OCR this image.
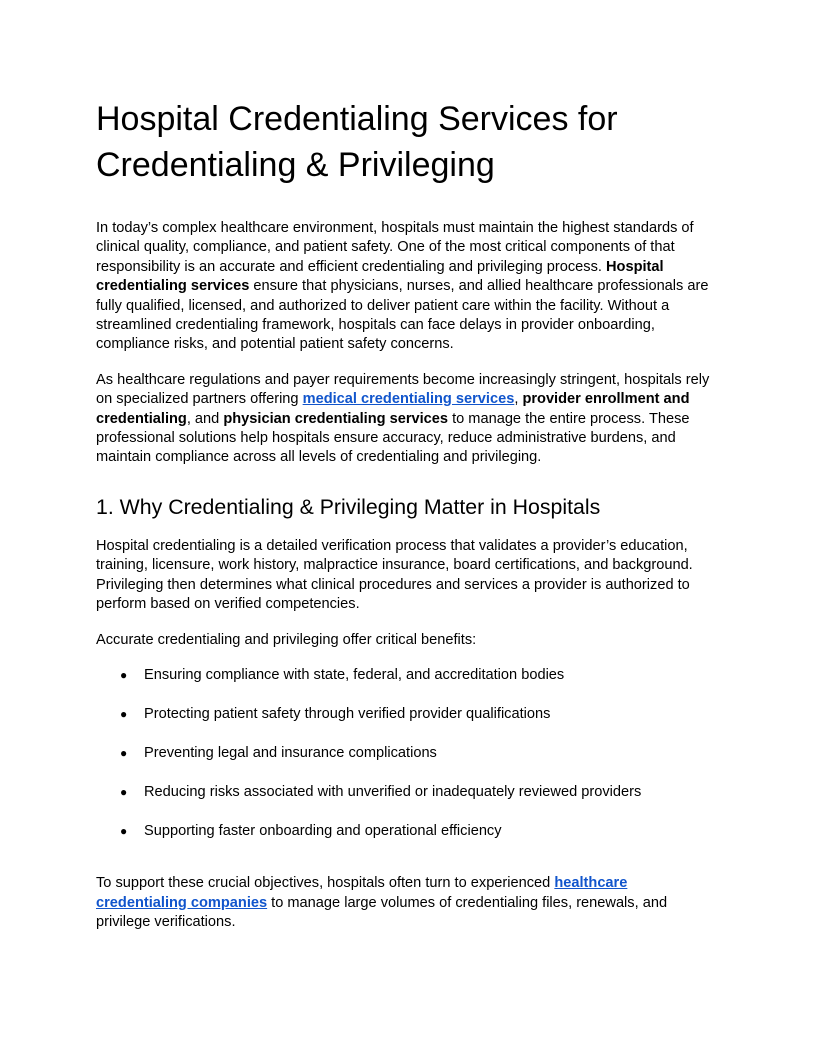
Hospital Credentialing Services for Credentialing & Privileging

In today’s complex healthcare environment, hospitals must maintain the highest standards of clinical quality, compliance, and patient safety. One of the most critical components of that responsibility is an accurate and efficient credentialing and privileging process. Hospital credentialing services ensure that physicians, nurses, and allied healthcare professionals are fully qualified, licensed, and authorized to deliver patient care within the facility. Without a streamlined credentialing framework, hospitals can face delays in provider onboarding, compliance risks, and potential patient safety concerns.

As healthcare regulations and payer requirements become increasingly stringent, hospitals rely on specialized partners offering medical credentialing services, provider enrollment and credentialing, and physician credentialing services to manage the entire process. These professional solutions help hospitals ensure accuracy, reduce administrative burdens, and maintain compliance across all levels of credentialing and privileging.

1. Why Credentialing & Privileging Matter in Hospitals

Hospital credentialing is a detailed verification process that validates a provider’s education, training, licensure, work history, malpractice insurance, board certifications, and background. Privileging then determines what clinical procedures and services a provider is authorized to perform based on verified competencies.

Accurate credentialing and privileging offer critical benefits:

● Ensuring compliance with state, federal, and accreditation bodies
● Protecting patient safety through verified provider qualifications
● Preventing legal and insurance complications
● Reducing risks associated with unverified or inadequately reviewed providers
● Supporting faster onboarding and operational efficiency

To support these crucial objectives, hospitals often turn to experienced healthcare credentialing companies to manage large volumes of credentialing files, renewals, and privilege verifications.
